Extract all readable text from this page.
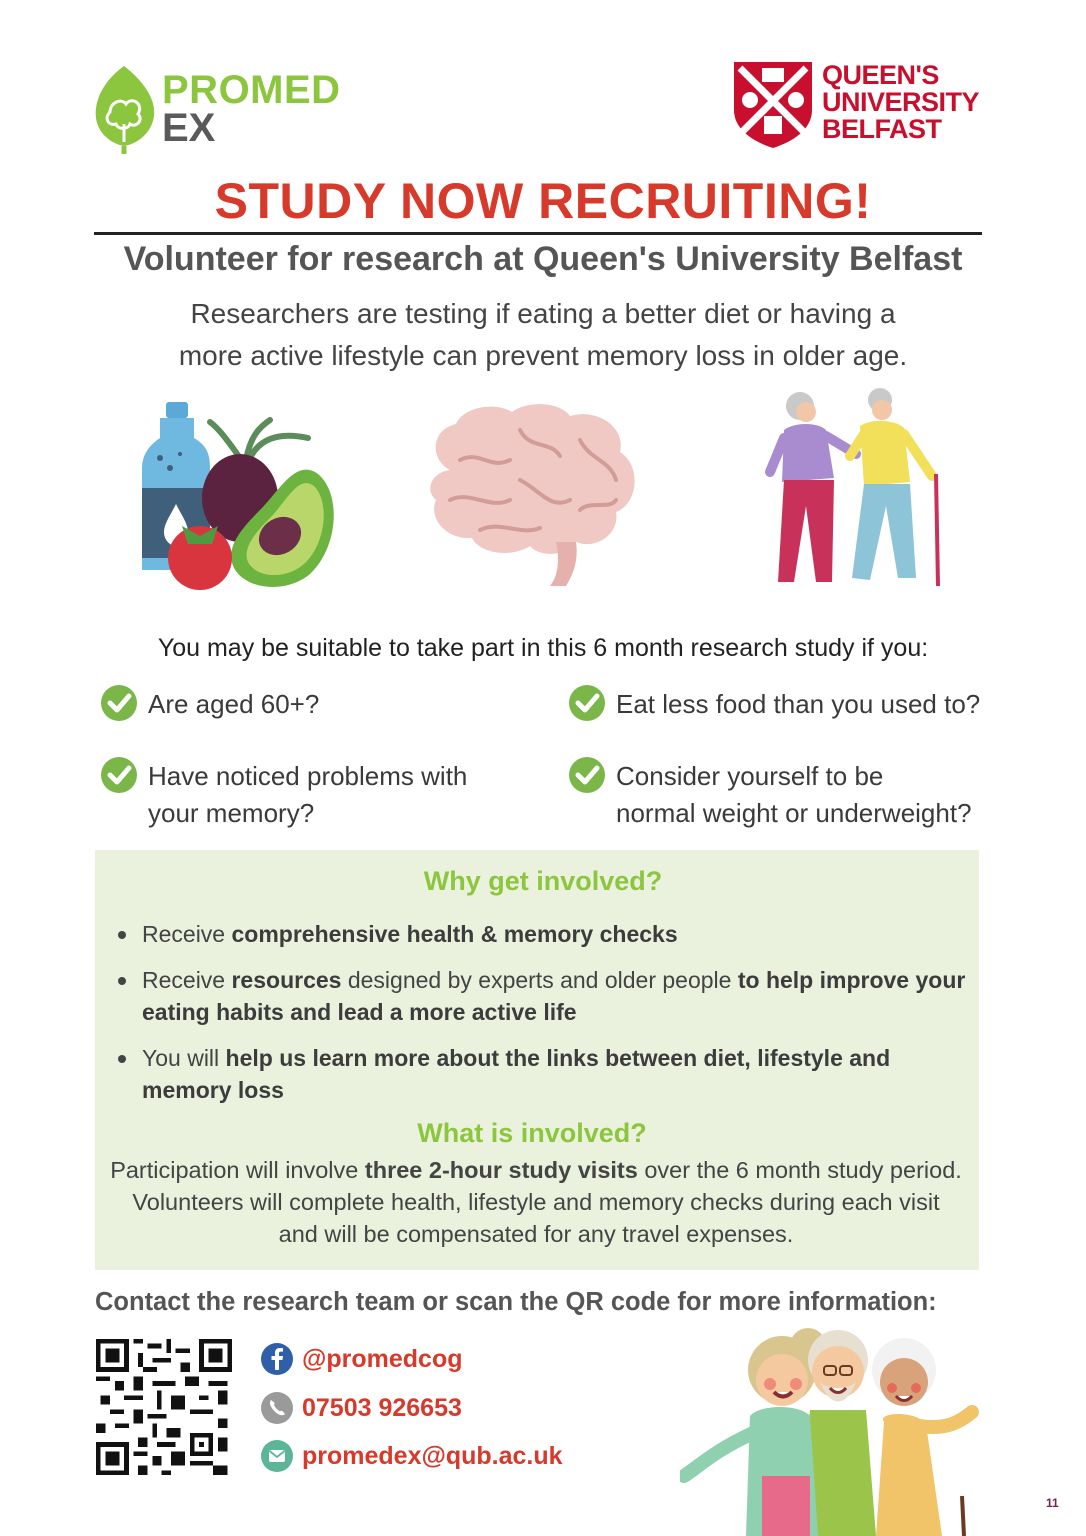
PROMED
EX
QUEEN'S
UNIVERSITY
BELFAST
STUDY NOW RECRUITING!
Volunteer for research at Queen's University Belfast
Researchers are testing if eating a better diet or having a
more active lifestyle can prevent memory loss in older age.
You may be suitable to take part in this 6 month research study if you:
Are aged 60+?	Eat less food than you used to?
Have noticed problems with
your memory?
Consider yourself to be
normal weight or underweight?
Why get involved?
Receive comprehensive health & memory checks
Receive resources designed by experts and older people to help improve your eating habits and lead a more active life
You will help us learn more about the links between diet, lifestyle and memory loss
What is involved?
Participation will involve three 2-hour study visits over the 6 month study period. Volunteers will complete health, lifestyle and memory checks during each visit and will be compensated for any travel expenses.
Contact the research team or scan the QR code for more information:
@promedcog
07503 926653
promedex@qub.ac.uk
11
